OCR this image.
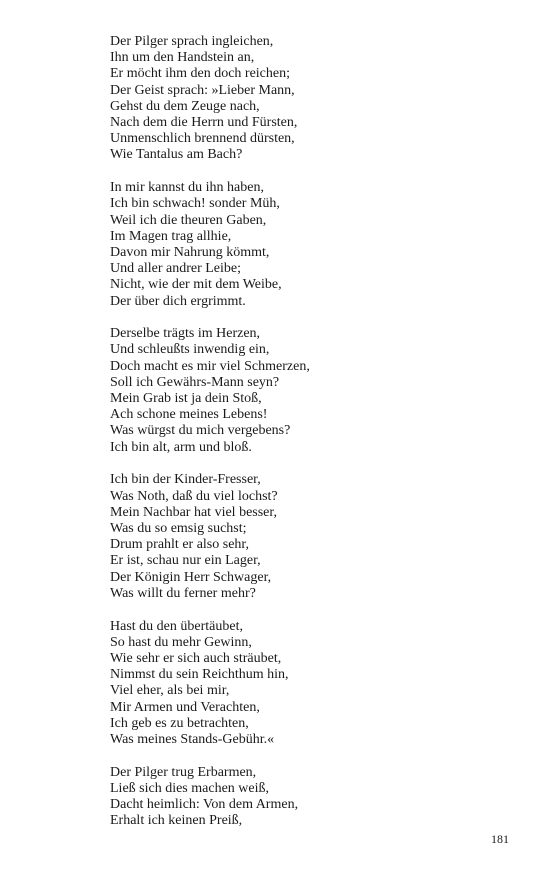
Der Pilger sprach ingleichen,
Ihn um den Handstein an,
Er möcht ihm den doch reichen;
Der Geist sprach: »Lieber Mann,
Gehst du dem Zeuge nach,
Nach dem die Herrn und Fürsten,
Unmenschlich brennend dürsten,
Wie Tantalus am Bach?
In mir kannst du ihn haben,
Ich bin schwach! sonder Müh,
Weil ich die theuren Gaben,
Im Magen trag allhie,
Davon mir Nahrung kömmt,
Und aller andrer Leibe;
Nicht, wie der mit dem Weibe,
Der über dich ergrimmt.
Derselbe trägts im Herzen,
Und schleußts inwendig ein,
Doch macht es mir viel Schmerzen,
Soll ich Gewährs-Mann seyn?
Mein Grab ist ja dein Stoß,
Ach schone meines Lebens!
Was würgst du mich vergebens?
Ich bin alt, arm und bloß.
Ich bin der Kinder-Fresser,
Was Noth, daß du viel lochst?
Mein Nachbar hat viel besser,
Was du so emsig suchst;
Drum prahlt er also sehr,
Er ist, schau nur ein Lager,
Der Königin Herr Schwager,
Was willt du ferner mehr?
Hast du den übertäubet,
So hast du mehr Gewinn,
Wie sehr er sich auch sträubet,
Nimmst du sein Reichthum hin,
Viel eher, als bei mir,
Mir Armen und Verachten,
Ich geb es zu betrachten,
Was meines Stands-Gebühr.«
Der Pilger trug Erbarmen,
Ließ sich dies machen weiß,
Dacht heimlich: Von dem Armen,
Erhalt ich keinen Preiß,
181
